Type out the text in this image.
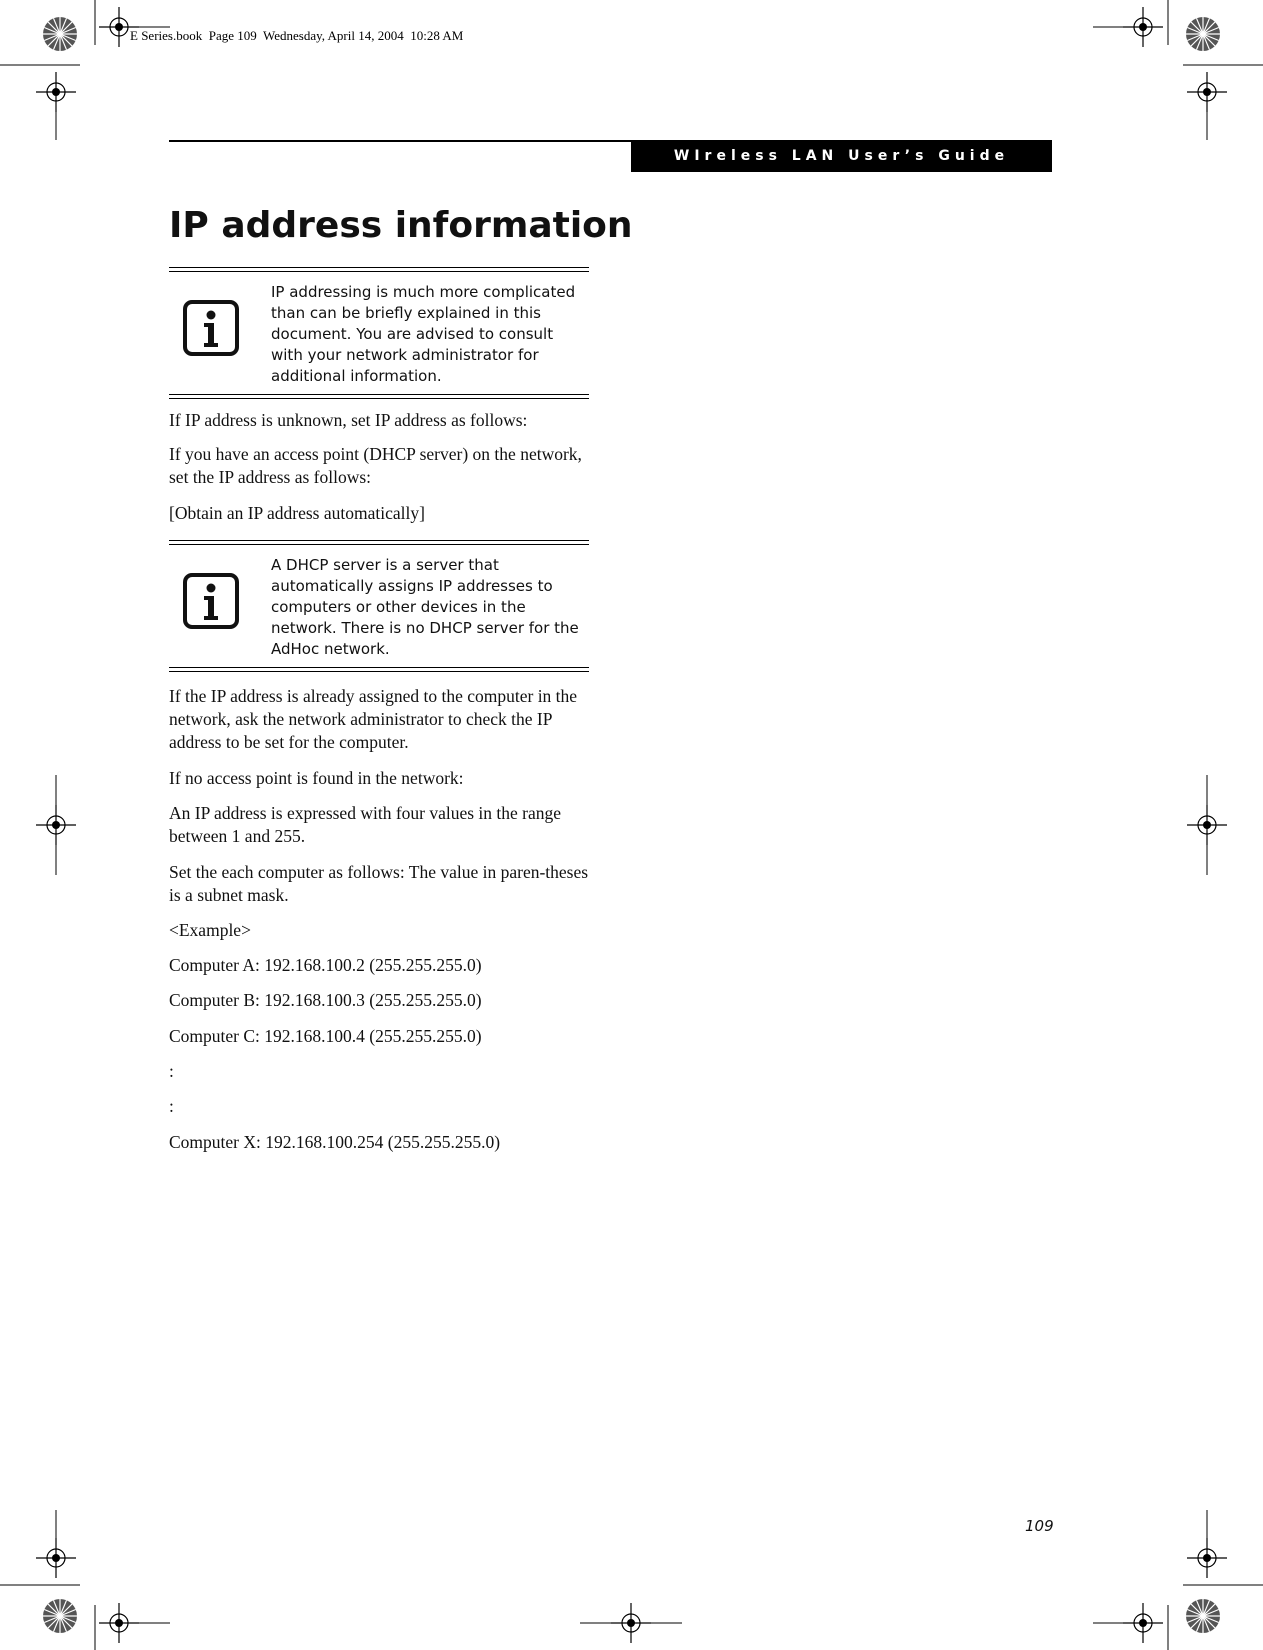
E Series.book  Page 109  Wednesday, April 14, 2004  10:28 AM
WIreless LAN User’s Guide
IP address information
IP addressing is much more complicated than can be briefly explained in this document. You are advised to consult with your network administrator for additional information.

If IP address is unknown, set IP address as follows:

If you have an access point (DHCP server) on the network, set the IP address as follows:

[Obtain an IP address automatically]

A DHCP server is a server that automatically assigns IP addresses to computers or other devices in the network. There is no DHCP server for the AdHoc network.

If the IP address is already assigned to the computer in the network, ask the network administrator to check the IP address to be set for the computer.

If no access point is found in the network:

An IP address is expressed with four values in the range between 1 and 255.

Set the each computer as follows: The value in paren-theses is a subnet mask.

<Example>

Computer A: 192.168.100.2 (255.255.255.0)

Computer B: 192.168.100.3 (255.255.255.0)

Computer C: 192.168.100.4 (255.255.255.0)

:

:

Computer X: 192.168.100.254 (255.255.255.0)

109
